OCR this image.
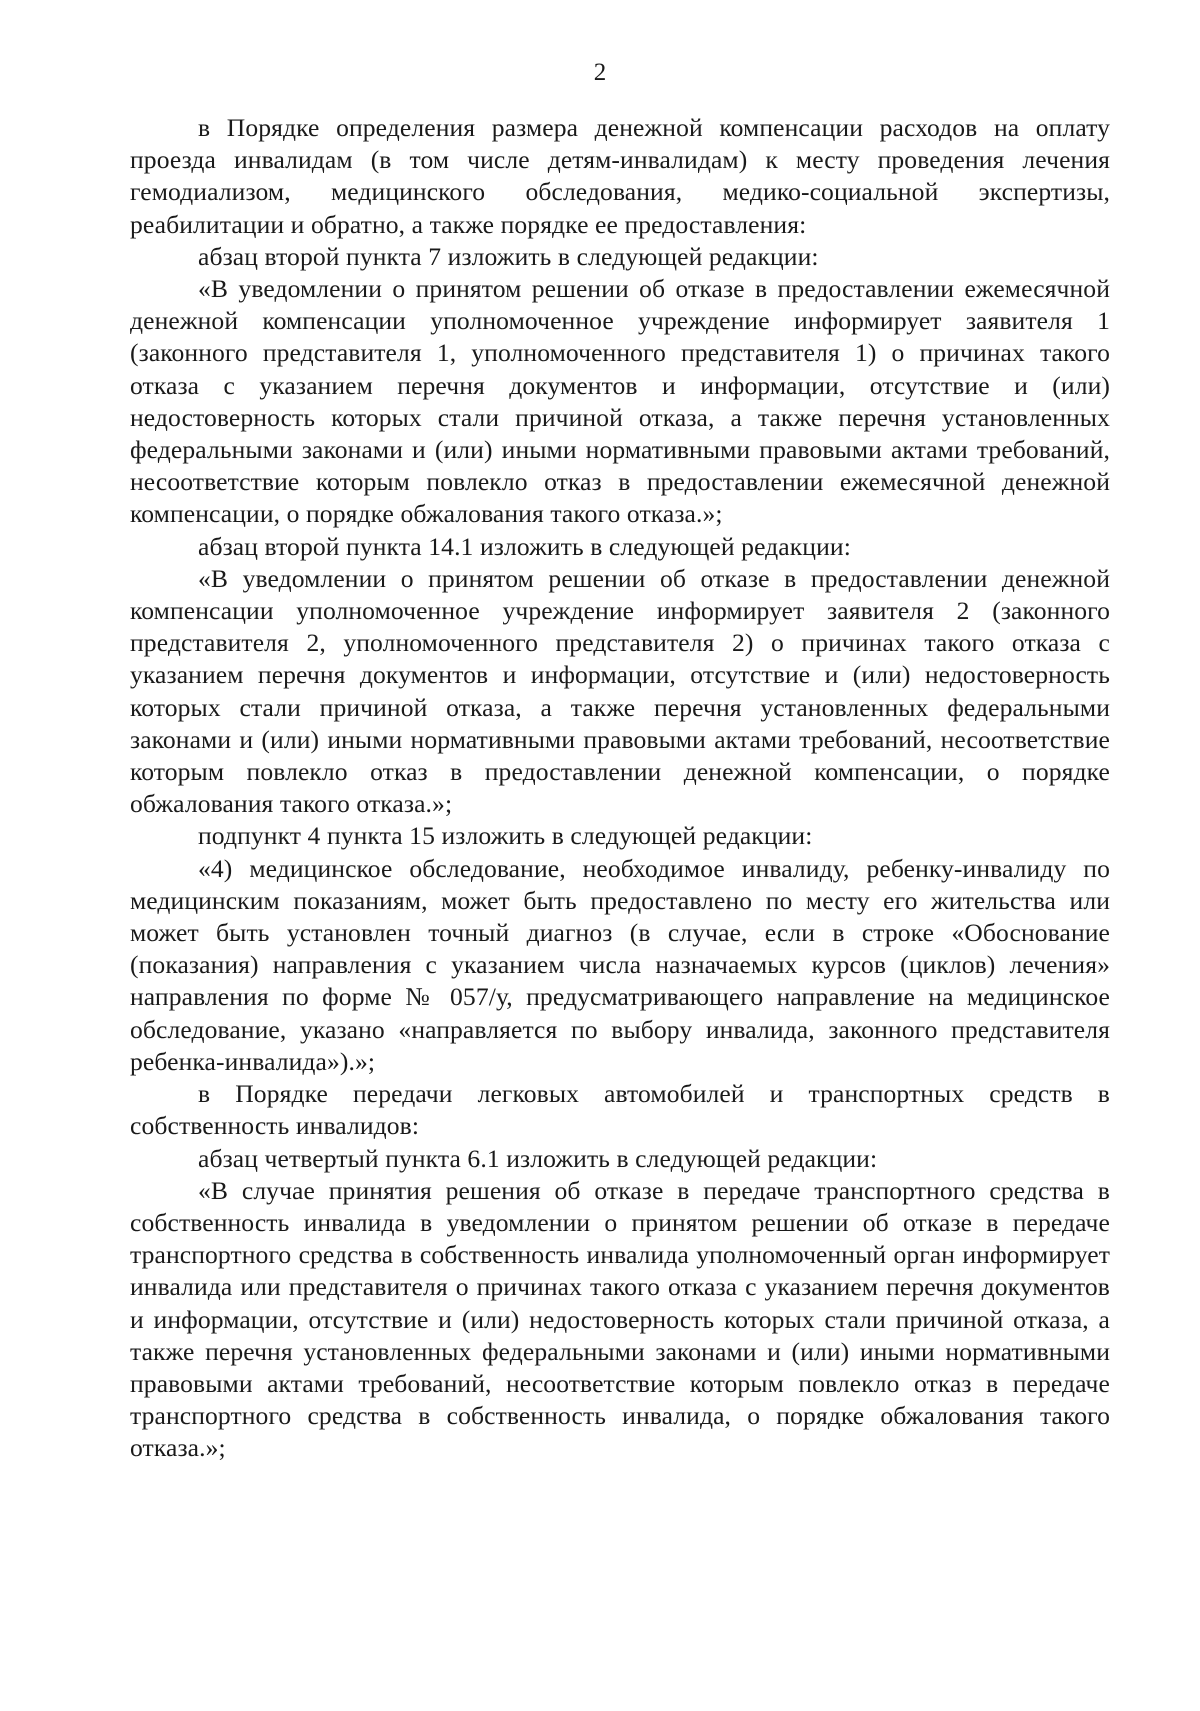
2

в Порядке определения размера денежной компенсации расходов на оплату проезда инвалидам (в том числе детям-инвалидам) к месту проведения лечения гемодиализом, медицинского обследования, медико-социальной экспертизы, реабилитации и обратно, а также порядке ее предоставления:

абзац второй пункта 7 изложить в следующей редакции:

«В уведомлении о принятом решении об отказе в предоставлении ежемесячной денежной компенсации уполномоченное учреждение информирует заявителя 1 (законного представителя 1, уполномоченного представителя 1) о причинах такого отказа с указанием перечня документов и информации, отсутствие и (или) недостоверность которых стали причиной отказа, а также перечня установленных федеральными законами и (или) иными нормативными правовыми актами требований, несоответствие которым повлекло отказ в предоставлении ежемесячной денежной компенсации, о порядке обжалования такого отказа.»;

абзац второй пункта 14.1 изложить в следующей редакции:

«В уведомлении о принятом решении об отказе в предоставлении денежной компенсации уполномоченное учреждение информирует заявителя 2 (законного представителя 2, уполномоченного представителя 2) о причинах такого отказа с указанием перечня документов и информации, отсутствие и (или) недостоверность которых стали причиной отказа, а также перечня установленных федеральными законами и (или) иными нормативными правовыми актами требований, несоответствие которым повлекло отказ в предоставлении денежной компенсации, о порядке обжалования такого отказа.»;

подпункт 4 пункта 15 изложить в следующей редакции:

«4) медицинское обследование, необходимое инвалиду, ребенку-инвалиду по медицинским показаниям, может быть предоставлено по месту его жительства или может быть установлен точный диагноз (в случае, если в строке «Обоснование (показания) направления с указанием числа назначаемых курсов (циклов) лечения» направления по форме № 057/у, предусматривающего направление на медицинское обследование, указано «направляется по выбору инвалида, законного представителя ребенка-инвалида»).»;

в Порядке передачи легковых автомобилей и транспортных средств в собственность инвалидов:

абзац четвертый пункта 6.1 изложить в следующей редакции:

«В случае принятия решения об отказе в передаче транспортного средства в собственность инвалида в уведомлении о принятом решении об отказе в передаче транспортного средства в собственность инвалида уполномоченный орган информирует инвалида или представителя о причинах такого отказа с указанием перечня документов и информации, отсутствие и (или) недостоверность которых стали причиной отказа, а также перечня установленных федеральными законами и (или) иными нормативными правовыми актами требований, несоответствие которым повлекло отказ в передаче транспортного средства в собственность инвалида, о порядке обжалования такого отказа.»;
